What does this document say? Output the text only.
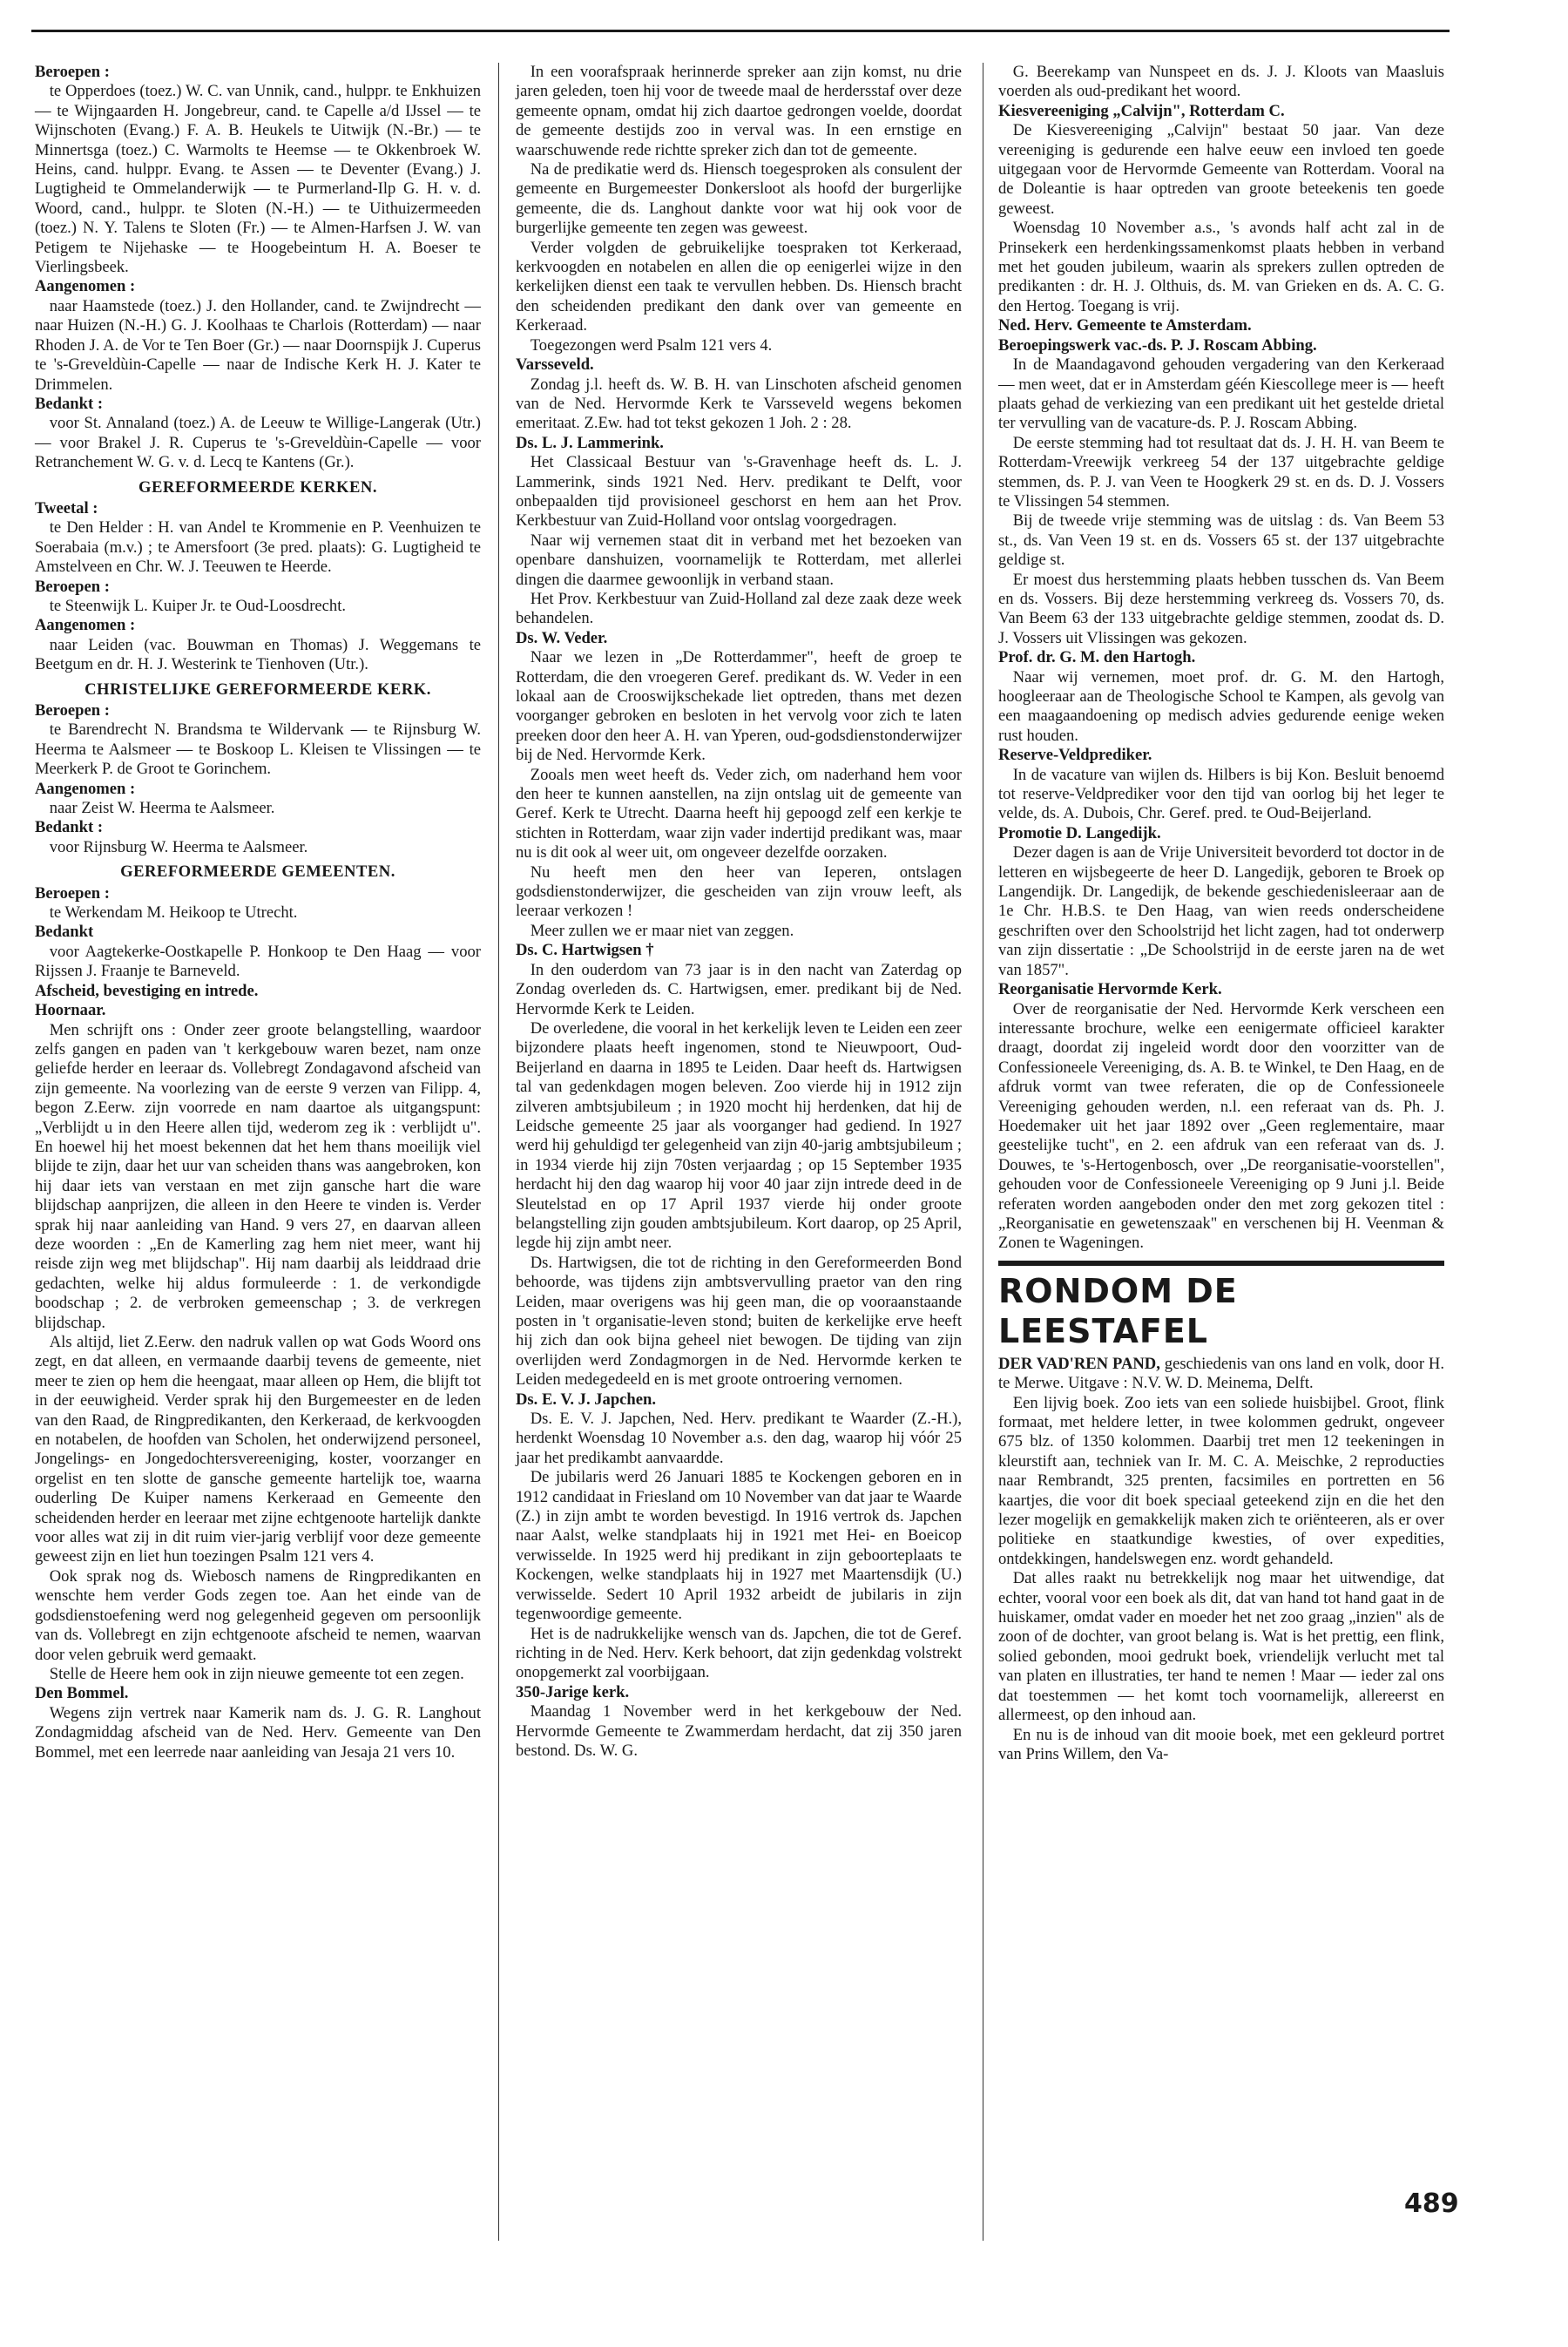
Beroepen :

te Opperdoes (toez.) W. C. van Unnik, cand., hulppr. te Enkhuizen — te Wijngaarden H. Jongebreur, cand. te Capelle a/d IJssel — te Wijnschoten (Evang.) F. A. B. Heukels te Uitwijk (N.-Br.) — te Minnertsga (toez.) C. Warmolts te Heemse — te Okkenbroek W. Heins, cand. hulppr. Evang. te Assen — te Deventer (Evang.) J. Lugtigheid te Ommelanderwijk — te Purmerland-Ilp G. H. v. d. Woord, cand., hulppr. te Sloten (N.-H.) — te Uithuizermeeden (toez.) N. Y. Talens te Sloten (Fr.) — te Almen-Harfsen J. W. van Petigem te Nijehaske — te Hoogebeintum H. A. Boeser te Vierlingsbeek.

Aangenomen :

naar Haamstede (toez.) J. den Hollander, cand. te Zwijndrecht — naar Huizen (N.-H.) G. J. Koolhaas te Charlois (Rotterdam) — naar Rhoden J. A. de Vor te Ten Boer (Gr.) — naar Doornspijk J. Cuperus te 's-Greveldùin-Capelle — naar de Indische Kerk H. J. Kater te Drimmelen.

Bedankt :

voor St. Annaland (toez.) A. de Leeuw te Willige-Langerak (Utr.) — voor Brakel J. R. Cuperus te 's-Greveldùin-Capelle — voor Retranchement W. G. v. d. Lecq te Kantens (Gr.).

GEREFORMEERDE KERKEN.
Tweetal :

te Den Helder : H. van Andel te Krommenie en P. Veenhuizen te Soerabaia (m.v.) ; te Amersfoort (3e pred. plaats): G. Lugtigheid te Amstelveen en Chr. W. J. Teeuwen te Heerde.

Beroepen :

te Steenwijk L. Kuiper Jr. te Oud-Loosdrecht.

Aangenomen :

naar Leiden (vac. Bouwman en Thomas) J. Weggemans te Beetgum en dr. H. J. Westerink te Tienhoven (Utr.).

CHRISTELIJKE GEREFORMEERDE KERK.
Beroepen :

te Barendrecht N. Brandsma te Wildervank — te Rijnsburg W. Heerma te Aalsmeer — te Boskoop L. Kleisen te Vlissingen — te Meerkerk P. de Groot te Gorinchem.

Aangenomen :

naar Zeist W. Heerma te Aalsmeer.

Bedankt :

voor Rijnsburg W. Heerma te Aalsmeer.

GEREFORMEERDE GEMEENTEN.
Beroepen :

te Werkendam M. Heikoop te Utrecht.

Bedankt

voor Aagtekerke-Oostkapelle P. Honkoop te Den Haag — voor Rijssen J. Fraanje te Barneveld.

Afscheid, bevestiging en intrede.
Hoornaar.

Men schrijft ons : Onder zeer groote belangstelling, waardoor zelfs gangen en paden van 't kerkgebouw waren bezet, nam onze geliefde herder en leeraar ds. Vollebregt Zondagavond afscheid van zijn gemeente. Na voorlezing van de eerste 9 verzen van Filipp. 4, begon Z.Eerw. zijn voorrede en nam daartoe als uitgangspunt: „Verblijdt u in den Heere allen tijd, wederom zeg ik : verblijdt u". En hoewel hij het moest bekennen dat het hem thans moeilijk viel blijde te zijn, daar het uur van scheiden thans was aangebroken, kon hij daar iets van verstaan en met zijn gansche hart die ware blijdschap aanprijzen, die alleen in den Heere te vinden is. Verder sprak hij naar aanleiding van Hand. 9 vers 27, en daarvan alleen deze woorden : „En de Kamerling zag hem niet meer, want hij reisde zijn weg met blijdschap". Hij nam daarbij als leiddraad drie gedachten, welke hij aldus formuleerde : 1. de verkondigde boodschap ; 2. de verbroken gemeenschap ; 3. de verkregen blijdschap.

Als altijd, liet Z.Eerw. den nadruk vallen op wat Gods Woord ons zegt, en dat alleen, en vermaande daarbij tevens de gemeente, niet meer te zien op hem die heengaat, maar alleen op Hem, die blijft tot in der eeuwigheid. Verder sprak hij den Burgemeester en de leden van den Raad, de Ringpredikanten, den Kerkeraad, de kerkvoogden en notabelen, de hoofden van Scholen, het onderwijzend personeel, Jongelings- en Jongedochtersvereeniging, koster, voorzanger en orgelist en ten slotte de gansche gemeente hartelijk toe, waarna ouderling De Kuiper namens Kerkeraad en Gemeente den scheidenden herder en leeraar met zijne echtgenoote hartelijk dankte voor alles wat zij in dit ruim vier-jarig verblijf voor deze gemeente geweest zijn en liet hun toezingen Psalm 121 vers 4.

Ook sprak nog ds. Wiebosch namens de Ringpredikanten en wenschte hem verder Gods zegen toe. Aan het einde van de godsdienstoefening werd nog gelegenheid gegeven om persoonlijk van ds. Vollebregt en zijn echtgenoote afscheid te nemen, waarvan door velen gebruik werd gemaakt.

Stelle de Heere hem ook in zijn nieuwe gemeente tot een zegen.

Den Bommel.

Wegens zijn vertrek naar Kamerik nam ds. J. G. R. Langhout Zondagmiddag afscheid van de Ned. Herv. Gemeente van Den Bommel, met een leerrede naar aanleiding van Jesaja 21 vers 10.

In een voorafspraak herinnerde spreker aan zijn komst, nu drie jaren geleden, toen hij voor de tweede maal de herdersstaf over deze gemeente opnam, omdat hij zich daartoe gedrongen voelde, doordat de gemeente destijds zoo in verval was. In een ernstige en waarschuwende rede richtte spreker zich dan tot de gemeente.

Na de predikatie werd ds. Hiensch toegesproken als consulent der gemeente en Burgemeester Donkersloot als hoofd der burgerlijke gemeente, die ds. Langhout dankte voor wat hij ook voor de burgerlijke gemeente ten zegen was geweest.

Verder volgden de gebruikelijke toespraken tot Kerkeraad, kerkvoogden en notabelen en allen die op eenigerlei wijze in den kerkelijken dienst een taak te vervullen hebben. Ds. Hiensch bracht den scheidenden predikant den dank over van gemeente en Kerkeraad.

Toegezongen werd Psalm 121 vers 4.

Varsseveld.

Zondag j.l. heeft ds. W. B. H. van Linschoten afscheid genomen van de Ned. Hervormde Kerk te Varsseveld wegens bekomen emeritaat. Z.Ew. had tot tekst gekozen 1 Joh. 2 : 28.

Ds. L. J. Lammerink.

Het Classicaal Bestuur van 's-Gravenhage heeft ds. L. J. Lammerink, sinds 1921 Ned. Herv. predikant te Delft, voor onbepaalden tijd provisioneel geschorst en hem aan het Prov. Kerkbestuur van Zuid-Holland voor ontslag voorgedragen.

Naar wij vernemen staat dit in verband met het bezoeken van openbare danshuizen, voornamelijk te Rotterdam, met allerlei dingen die daarmee gewoonlijk in verband staan.

Het Prov. Kerkbestuur van Zuid-Holland zal deze zaak deze week behandelen.

Ds. W. Veder.

Naar we lezen in „De Rotterdammer", heeft de groep te Rotterdam, die den vroegeren Geref. predikant ds. W. Veder in een lokaal aan de Crooswijkschekade liet optreden, thans met dezen voorganger gebroken en besloten in het vervolg voor zich te laten preeken door den heer A. H. van Yperen, oud-godsdienstonderwijzer bij de Ned. Hervormde Kerk.

Zooals men weet heeft ds. Veder zich, om naderhand hem voor den heer te kunnen aanstellen, na zijn ontslag uit de gemeente van Geref. Kerk te Utrecht. Daarna heeft hij gepoogd zelf een kerkje te stichten in Rotterdam, waar zijn vader indertijd predikant was, maar nu is dit ook al weer uit, om ongeveer dezelfde oorzaken.

Nu heeft men den heer van Ieperen, ontslagen godsdienstonderwijzer, die gescheiden van zijn vrouw leeft, als leeraar verkozen !

Meer zullen we er maar niet van zeggen.

Ds. C. Hartwigsen †

In den ouderdom van 73 jaar is in den nacht van Zaterdag op Zondag overleden ds. C. Hartwigsen, emer. predikant bij de Ned. Hervormde Kerk te Leiden.

De overledene, die vooral in het kerkelijk leven te Leiden een zeer bijzondere plaats heeft ingenomen, stond te Nieuwpoort, Oud-Beijerland en daarna in 1895 te Leiden. Daar heeft ds. Hartwigsen tal van gedenkdagen mogen beleven. Zoo vierde hij in 1912 zijn zilveren ambtsjubileum ; in 1920 mocht hij herdenken, dat hij de Leidsche gemeente 25 jaar als voorganger had gediend. In 1927 werd hij gehuldigd ter gelegenheid van zijn 40-jarig ambtsjubileum ; in 1934 vierde hij zijn 70sten verjaardag ; op 15 September 1935 herdacht hij den dag waarop hij voor 40 jaar zijn intrede deed in de Sleutelstad en op 17 April 1937 vierde hij onder groote belangstelling zijn gouden ambtsjubileum. Kort daarop, op 25 April, legde hij zijn ambt neer.

Ds. Hartwigsen, die tot de richting in den Gereformeerden Bond behoorde, was tijdens zijn ambtsvervulling praetor van den ring Leiden, maar overigens was hij geen man, die op vooraanstaande posten in 't organisatie-leven stond; buiten de kerkelijke erve heeft hij zich dan ook bijna geheel niet bewogen. De tijding van zijn overlijden werd Zondagmorgen in de Ned. Hervormde kerken te Leiden medegedeeld en is met groote ontroering vernomen.

Ds. E. V. J. Japchen.

Ds. E. V. J. Japchen, Ned. Herv. predikant te Waarder (Z.-H.), herdenkt Woensdag 10 November a.s. den dag, waarop hij vóór 25 jaar het predikambt aanvaardde.

De jubilaris werd 26 Januari 1885 te Kockengen geboren en in 1912 candidaat in Friesland om 10 November van dat jaar te Waarde (Z.) in zijn ambt te worden bevestigd. In 1916 vertrok ds. Japchen naar Aalst, welke standplaats hij in 1921 met Hei- en Boeicop verwisselde. In 1925 werd hij predikant in zijn geboorteplaats te Kockengen, welke standplaats hij in 1927 met Maartensdijk (U.) verwisselde. Sedert 10 April 1932 arbeidt de jubilaris in zijn tegenwoordige gemeente.

Het is de nadrukkelijke wensch van ds. Japchen, die tot de Geref. richting in de Ned. Herv. Kerk behoort, dat zijn gedenkdag volstrekt onopgemerkt zal voorbijgaan.

350-Jarige kerk.

Maandag 1 November werd in het kerkgebouw der Ned. Hervormde Gemeente te Zwammerdam herdacht, dat zij 350 jaren bestond. Ds. W. G.

G. Beerekamp van Nunspeet en ds. J. J. Kloots van Maasluis voerden als oud-predikant het woord.

Kiesvereeniging „Calvijn", Rotterdam C.

De Kiesvereeniging „Calvijn" bestaat 50 jaar. Van deze vereeniging is gedurende een halve eeuw een invloed ten goede uitgegaan voor de Hervormde Gemeente van Rotterdam. Vooral na de Doleantie is haar optreden van groote beteekenis ten goede geweest.

Woensdag 10 November a.s., 's avonds half acht zal in de Prinsekerk een herdenkingssamenkomst plaats hebben in verband met het gouden jubileum, waarin als sprekers zullen optreden de predikanten : dr. H. J. Olthuis, ds. M. van Grieken en ds. A. C. G. den Hertog. Toegang is vrij.

Ned. Herv. Gemeente te Amsterdam.
Beroepingswerk vac.-ds. P. J. Roscam Abbing.

In de Maandagavond gehouden vergadering van den Kerkeraad — men weet, dat er in Amsterdam géén Kiescollege meer is — heeft plaats gehad de verkiezing van een predikant uit het gestelde drietal ter vervulling van de vacature-ds. P. J. Roscam Abbing.

De eerste stemming had tot resultaat dat ds. J. H. H. van Beem te Rotterdam-Vreewijk verkreeg 54 der 137 uitgebrachte geldige stemmen, ds. P. J. van Veen te Hoogkerk 29 st. en ds. D. J. Vossers te Vlissingen 54 stemmen.

Bij de tweede vrije stemming was de uitslag : ds. Van Beem 53 st., ds. Van Veen 19 st. en ds. Vossers 65 st. der 137 uitgebrachte geldige st.

Er moest dus herstemming plaats hebben tusschen ds. Van Beem en ds. Vossers. Bij deze herstemming verkreeg ds. Vossers 70, ds. Van Beem 63 der 133 uitgebrachte geldige stemmen, zoodat ds. D. J. Vossers uit Vlissingen was gekozen.

Prof. dr. G. M. den Hartogh.

Naar wij vernemen, moet prof. dr. G. M. den Hartogh, hoogleeraar aan de Theologische School te Kampen, als gevolg van een maagaandoening op medisch advies gedurende eenige weken rust houden.

Reserve-Veldprediker.

In de vacature van wijlen ds. Hilbers is bij Kon. Besluit benoemd tot reserve-Veldprediker voor den tijd van oorlog bij het leger te velde, ds. A. Dubois, Chr. Geref. pred. te Oud-Beijerland.

Promotie D. Langedijk.

Dezer dagen is aan de Vrije Universiteit bevorderd tot doctor in de letteren en wijsbegeerte de heer D. Langedijk, geboren te Broek op Langendijk. Dr. Langedijk, de bekende geschiedenisleeraar aan de 1e Chr. H.B.S. te Den Haag, van wien reeds onderscheidene geschriften over den Schoolstrijd het licht zagen, had tot onderwerp van zijn dissertatie : „De Schoolstrijd in de eerste jaren na de wet van 1857".

Reorganisatie Hervormde Kerk.

Over de reorganisatie der Ned. Hervormde Kerk verscheen een interessante brochure, welke een eenigermate officieel karakter draagt, doordat zij ingeleid wordt door den voorzitter van de Confessioneele Vereeniging, ds. A. B. te Winkel, te Den Haag, en de afdruk vormt van twee referaten, die op de Confessioneele Vereeniging gehouden werden, n.l. een referaat van ds. Ph. J. Hoedemaker uit het jaar 1892 over „Geen reglementaire, maar geestelijke tucht", en 2. een afdruk van een referaat van ds. J. Douwes, te 's-Hertogenbosch, over „De reorganisatie-voorstellen", gehouden voor de Confessioneele Vereeniging op 9 Juni j.l. Beide referaten worden aangeboden onder den met zorg gekozen titel : „Reorganisatie en gewetenszaak" en verschenen bij H. Veenman & Zonen te Wageningen.

RONDOM DE LEESTAFEL

DER VAD'REN PAND, geschiedenis van ons land en volk, door H. te Merwe. Uitgave : N.V. W. D. Meinema, Delft.

Een lijvig boek. Zoo iets van een soliede huisbijbel. Groot, flink formaat, met heldere letter, in twee kolommen gedrukt, ongeveer 675 blz. of 1350 kolommen. Daarbij tret men 12 teekeningen in kleurstift aan, techniek van Ir. M. C. A. Meischke, 2 reproducties naar Rembrandt, 325 prenten, facsimiles en portretten en 56 kaartjes, die voor dit boek speciaal geteekend zijn en die het den lezer mogelijk en gemakkelijk maken zich te oriënteeren, als er over politieke en staatkundige kwesties, of over expedities, ontdekkingen, handelswegen enz. wordt gehandeld.

Dat alles raakt nu betrekkelijk nog maar het uitwendige, dat echter, vooral voor een boek als dit, dat van hand tot hand gaat in de huiskamer, omdat vader en moeder het net zoo graag „inzien" als de zoon of de dochter, van groot belang is. Wat is het prettig, een flink, solied gebonden, mooi gedrukt boek, vriendelijk verlucht met tal van platen en illustraties, ter hand te nemen ! Maar — ieder zal ons dat toestemmen — het komt toch voornamelijk, allereerst en allermeest, op den inhoud aan.

En nu is de inhoud van dit mooie boek, met een gekleurd portret van Prins Willem, den Va-

489
